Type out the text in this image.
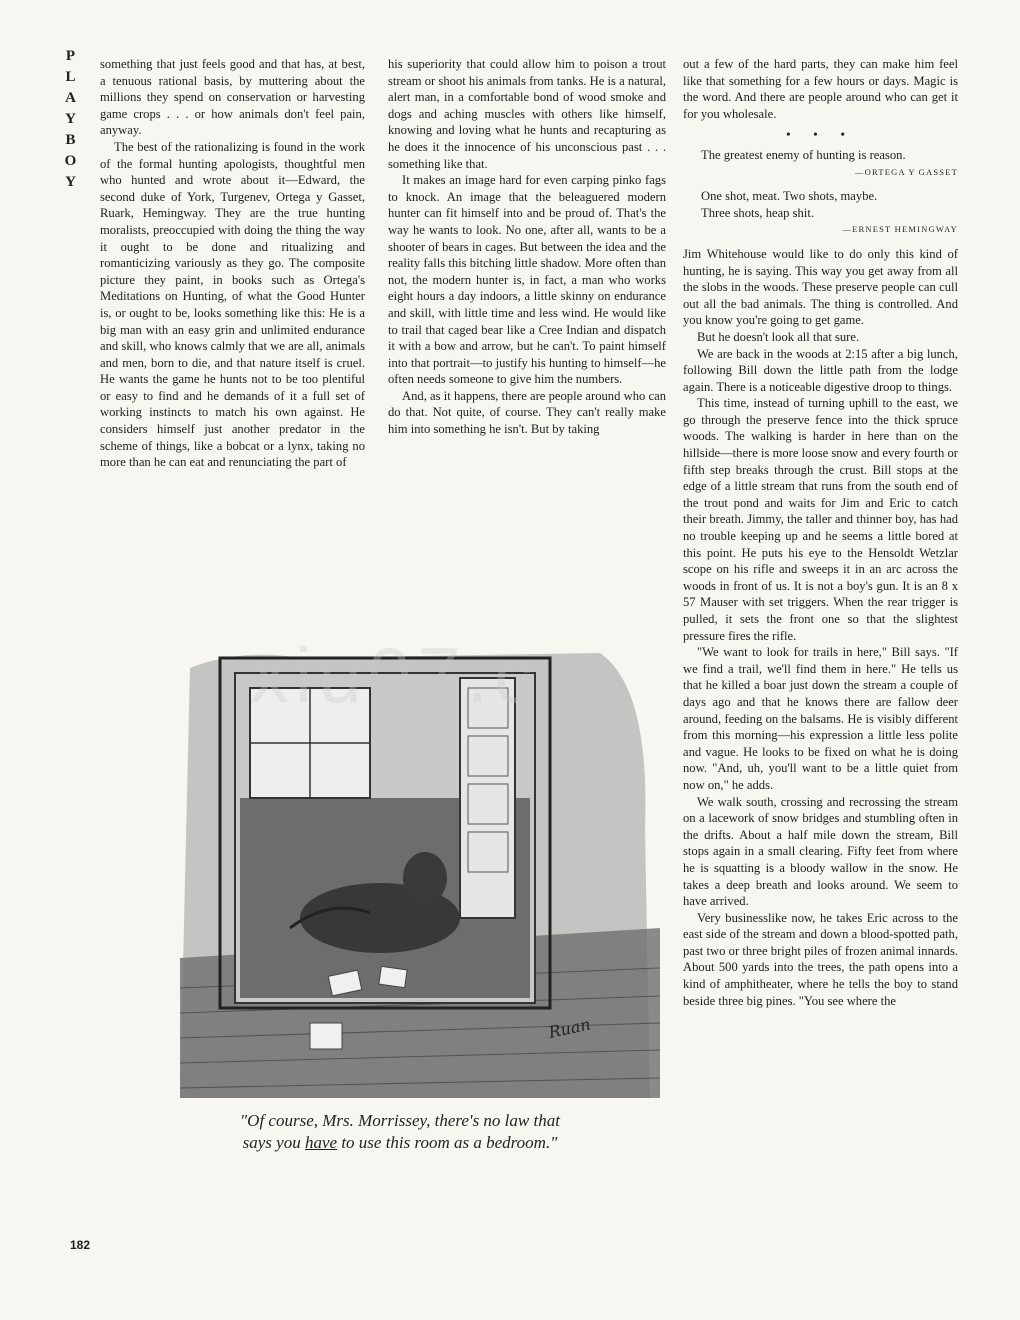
P
L
A
Y
B
O
Y

something that just feels good and that has, at best, a tenuous rational basis, by muttering about the millions they spend on conservation or harvesting game crops . . . or how animals don't feel pain, anyway.

The best of the rationalizing is found in the work of the formal hunting apologists, thoughtful men who hunted and wrote about it—Edward, the second duke of York, Turgenev, Ortega y Gasset, Ruark, Hemingway. They are the true hunting moralists, preoccupied with doing the thing the way it ought to be done and ritualizing and romanticizing variously as they go. The composite picture they paint, in books such as Ortega's Meditations on Hunting, of what the Good Hunter is, or ought to be, looks something like this: He is a big man with an easy grin and unlimited endurance and skill, who knows calmly that we are all, animals and men, born to die, and that nature itself is cruel. He wants the game he hunts not to be too plentiful or easy to find and he demands of it a full set of working instincts to match his own against. He considers himself just another predator in the scheme of things, like a bobcat or a lynx, taking no more than he can eat and renunciating the part of

his superiority that could allow him to poison a trout stream or shoot his animals from tanks. He is a natural, alert man, in a comfortable bond of wood smoke and dogs and aching muscles with others like himself, knowing and loving what he hunts and recapturing as he does it the innocence of his unconscious past . . . something like that.

It makes an image hard for even carping pinko fags to knock. An image that the beleaguered modern hunter can fit himself into and be proud of. That's the way he wants to look. No one, after all, wants to be a shooter of bears in cages. But between the idea and the reality falls this bitching little shadow. More often than not, the modern hunter is, in fact, a man who works eight hours a day indoors, a little skinny on endurance and skill, with little time and less wind. He would like to trail that caged bear like a Cree Indian and dispatch it with a bow and arrow, but he can't. To paint himself into that portrait—to justify his hunting to himself—he often needs someone to give him the numbers.

And, as it happens, there are people around who can do that. Not quite, of course. They can't really make him into something he isn't. But by taking

out a few of the hard parts, they can make him feel like that something for a few hours or days. Magic is the word. And there are people around who can get it for you wholesale.

• • •

The greatest enemy of hunting is reason.

—ORTEGA Y GASSET

One shot, meat. Two shots, maybe.

Three shots, heap shit.

—ERNEST HEMINGWAY

Jim Whitehouse would like to do only this kind of hunting, he is saying. This way you get away from all the slobs in the woods. These preserve people can cull out all the bad animals. The thing is controlled. And you know you're going to get game.

But he doesn't look all that sure.

We are back in the woods at 2:15 after a big lunch, following Bill down the little path from the lodge again. There is a noticeable digestive droop to things.

This time, instead of turning uphill to the east, we go through the preserve fence into the thick spruce woods. The walking is harder in here than on the hillside—there is more loose snow and every fourth or fifth step breaks through the crust. Bill stops at the edge of a little stream that runs from the south end of the trout pond and waits for Jim and Eric to catch their breath. Jimmy, the taller and thinner boy, has had no trouble keeping up and he seems a little bored at this point. He puts his eye to the Hensoldt Wetzlar scope on his rifle and sweeps it in an arc across the woods in front of us. It is not a boy's gun. It is an 8 x 57 Mauser with set triggers. When the rear trigger is pulled, it sets the front one so that the slightest pressure fires the rifle.

"We want to look for trails in here," Bill says. "If we find a trail, we'll find them in here." He tells us that he killed a boar just down the stream a couple of days ago and that he knows there are fallow deer around, feeding on the balsams. He is visibly different from this morning—his expression a little less polite and vague. He looks to be fixed on what he is doing now. "And, uh, you'll want to be a little quiet from now on," he adds.

We walk south, crossing and recrossing the stream on a lacework of snow bridges and stumbling often in the drifts. About a half mile down the stream, Bill stops again in a small clearing. Fifty feet from where he is squatting is a bloody wallow in the snow. He takes a deep breath and looks around. We seem to have arrived.

Very businesslike now, he takes Eric across to the east side of the stream and down a blood-spotted path, past two or three bright piles of frozen animal innards. About 500 yards into the trees, the path opens into a kind of amphitheater, where he tells the boy to stand beside three big pines. "You see where the

Ruan
xiu07.c
"Of course, Mrs. Morrissey, there's no law that
says you have to use this room as a bedroom."
182
